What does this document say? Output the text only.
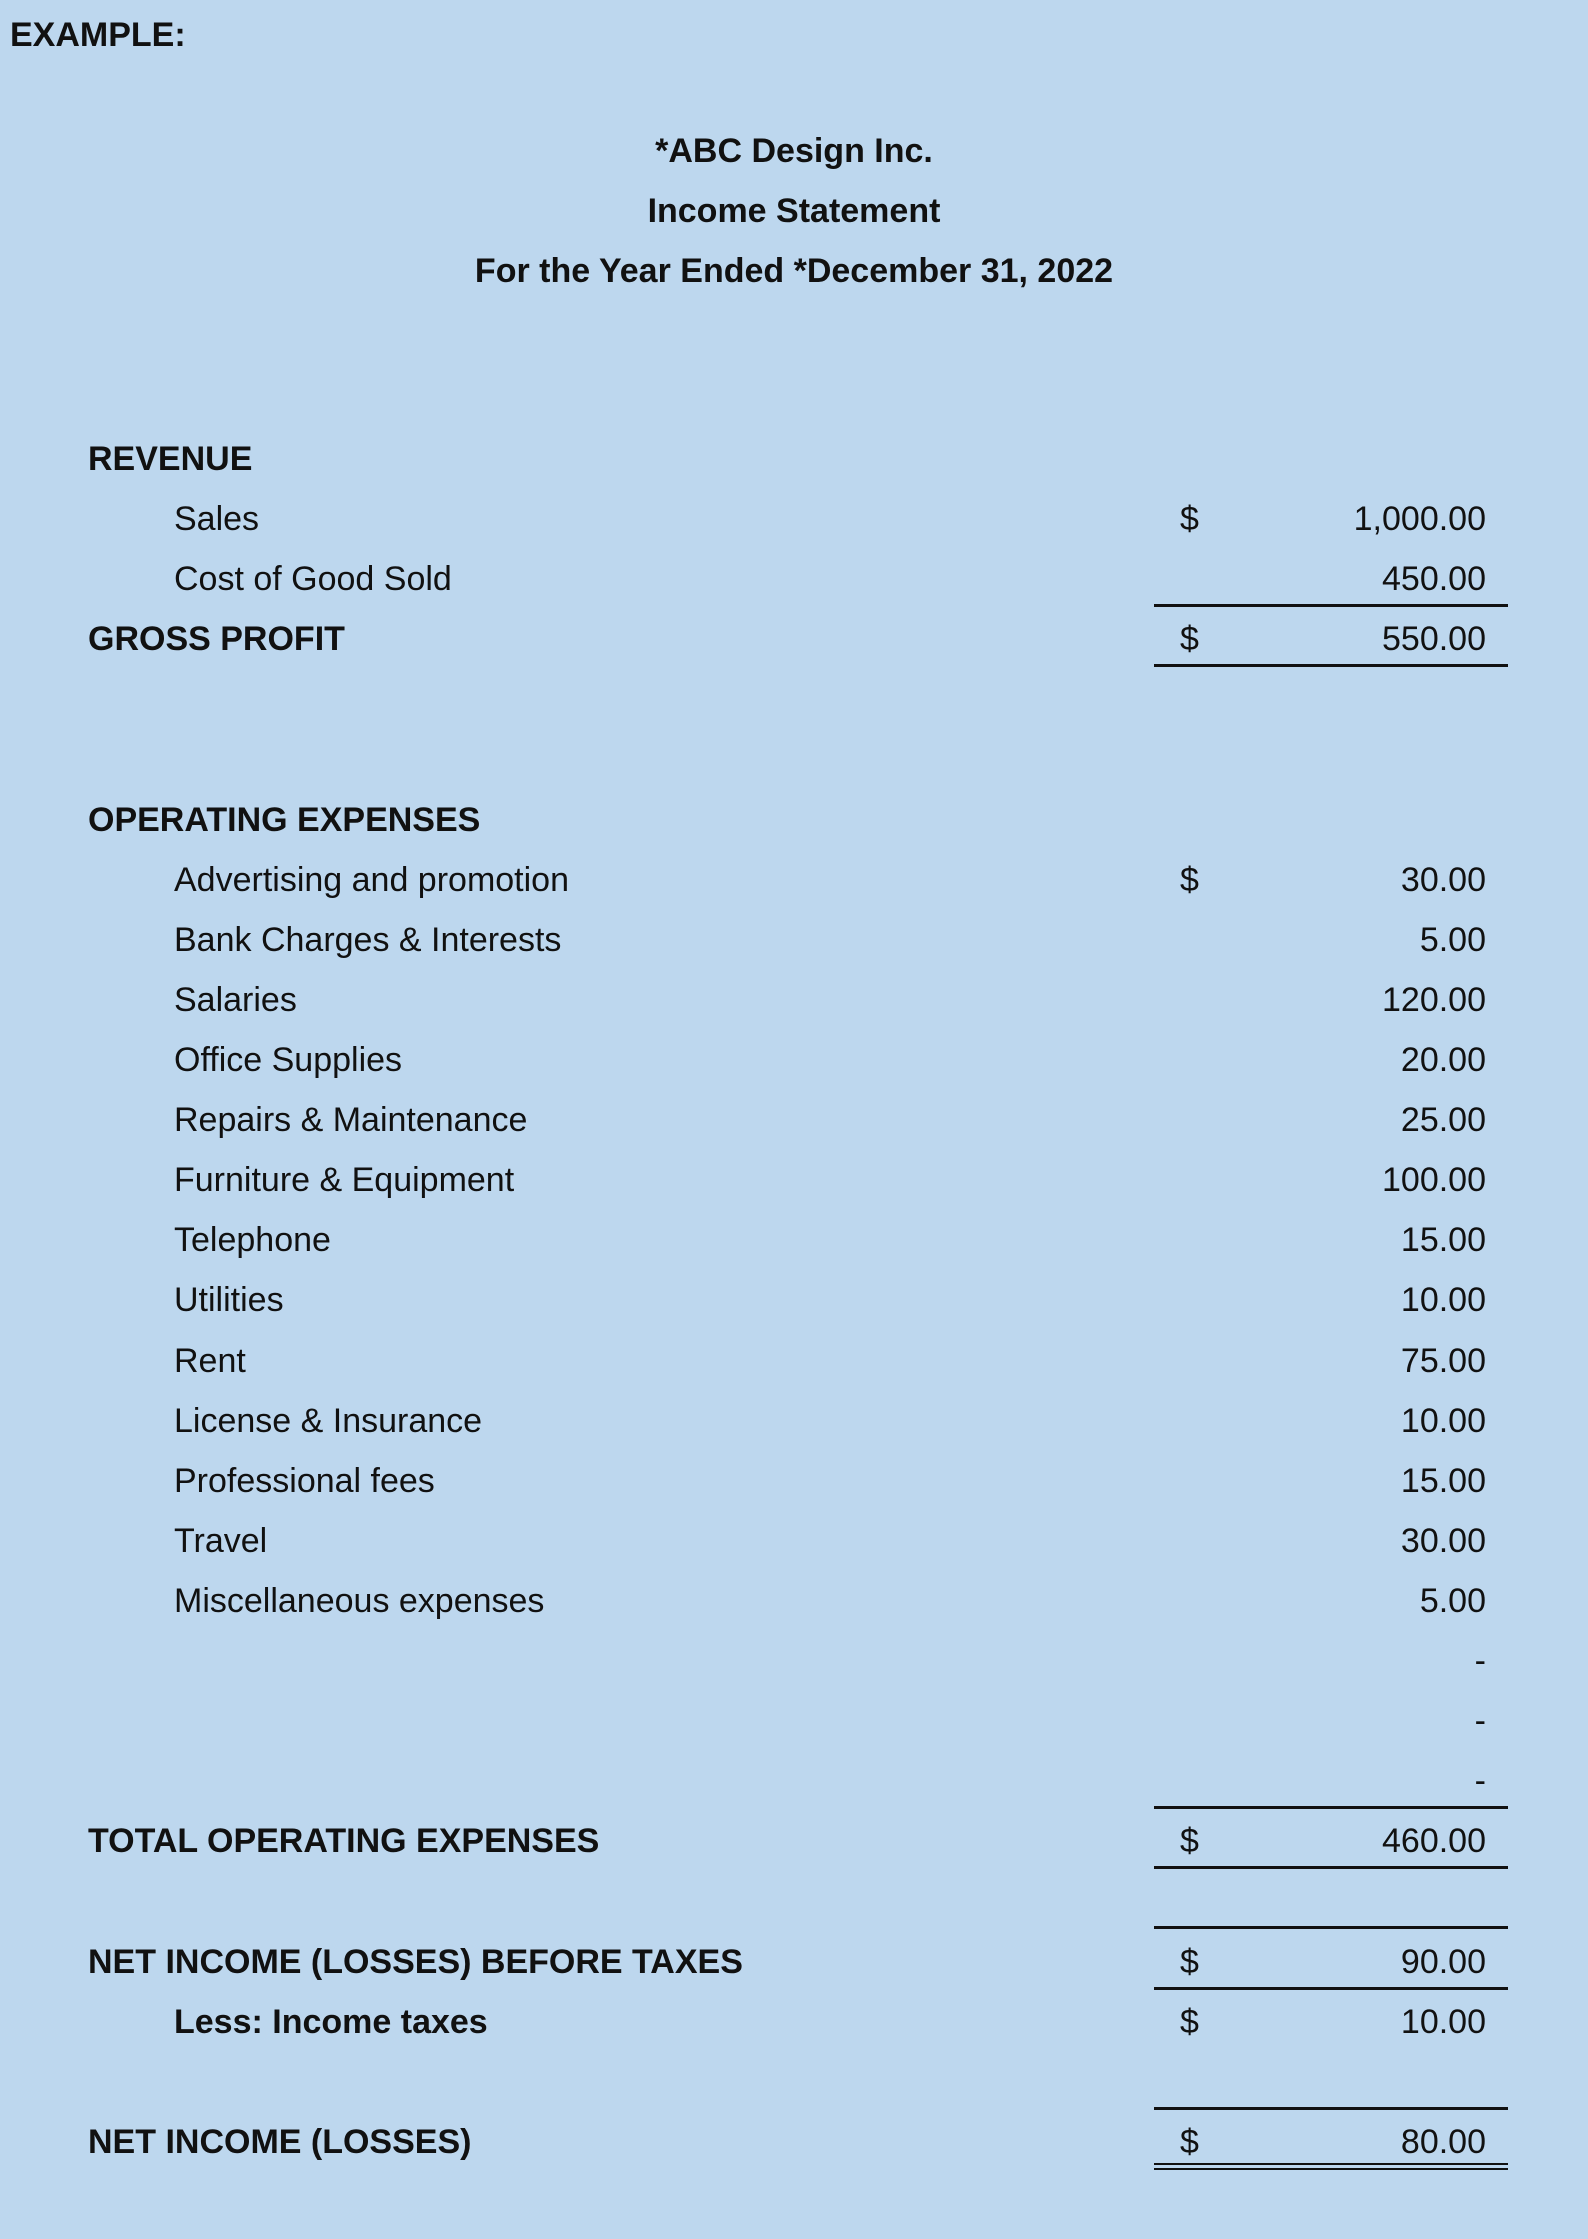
EXAMPLE:
*ABC Design Inc.
Income Statement
For the Year Ended *December 31, 2022
REVENUE
Sales	$	1,000.00
Cost of Good Sold	450.00
GROSS PROFIT	$	550.00
OPERATING EXPENSES
Advertising and promotion	$	30.00
Bank Charges & Interests	5.00
Salaries	120.00
Office Supplies	20.00
Repairs & Maintenance	25.00
Furniture & Equipment	100.00
Telephone	15.00
Utilities	10.00
Rent	75.00
License & Insurance	10.00
Professional fees	15.00
Travel	30.00
Miscellaneous expenses	5.00
-
-
-
TOTAL OPERATING EXPENSES	$	460.00
NET INCOME (LOSSES) BEFORE TAXES	$	90.00
Less: Income taxes	$	10.00
NET INCOME (LOSSES)	$	80.00
